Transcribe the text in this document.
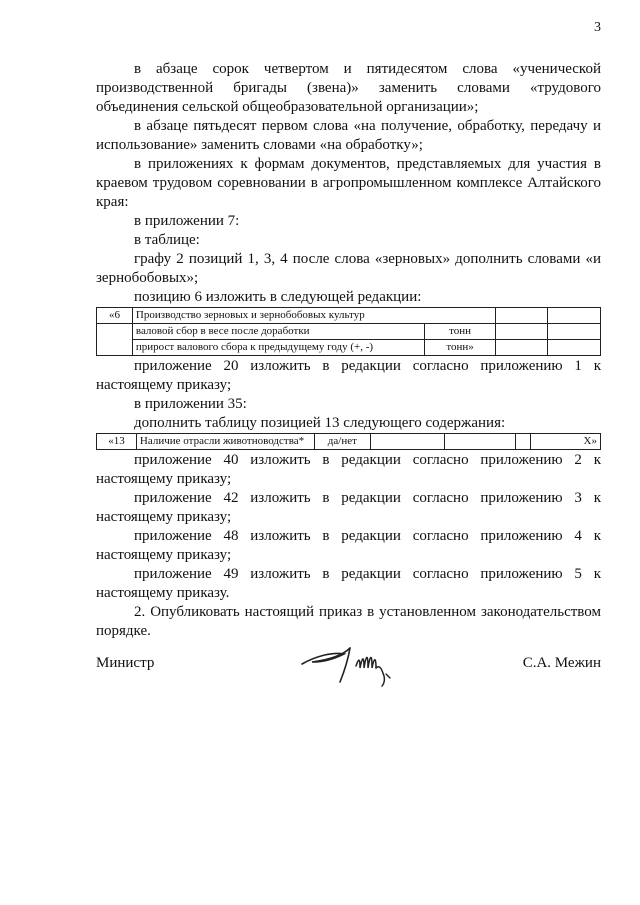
3

в абзаце сорок четвертом и пятидесятом слова «ученической производственной бригады (звена)» заменить словами «трудового объединения сельской общеобразовательной организации»;

в абзаце пятьдесят первом слова «на получение, обработку, передачу и использование» заменить словами «на обработку»;

в приложениях к формам документов, представляемых для участия в краевом трудовом соревновании в агропромышленном комплексе Алтайского края:

в приложении 7:

в таблице:

графу 2 позиций 1, 3, 4 после слова «зерновых» дополнить словами «и зернобобовых»;

позицию 6 изложить в следующей редакции:

«6	Производство зерновых и зернобобовых культур			
	валовой сбор в весе после доработки	тонн		
	прирост валового сбора к предыдущему году (+, -)	тонн»		

приложение 20 изложить в редакции согласно приложению 1 к настоящему приказу;

в приложении 35:

дополнить таблицу позицией 13 следующего содержания:

«13	Наличие отрасли животноводства*	да/нет				Х»

приложение 40 изложить в редакции согласно приложению 2 к настоящему приказу;

приложение 42 изложить в редакции согласно приложению 3 к настоящему приказу;

приложение 48 изложить в редакции согласно приложению 4 к настоящему приказу;

приложение 49 изложить в редакции согласно приложению 5 к настоящему приказу.

2. Опубликовать настоящий приказ в установленном законодательством порядке.

Министр	С.А. Межин
